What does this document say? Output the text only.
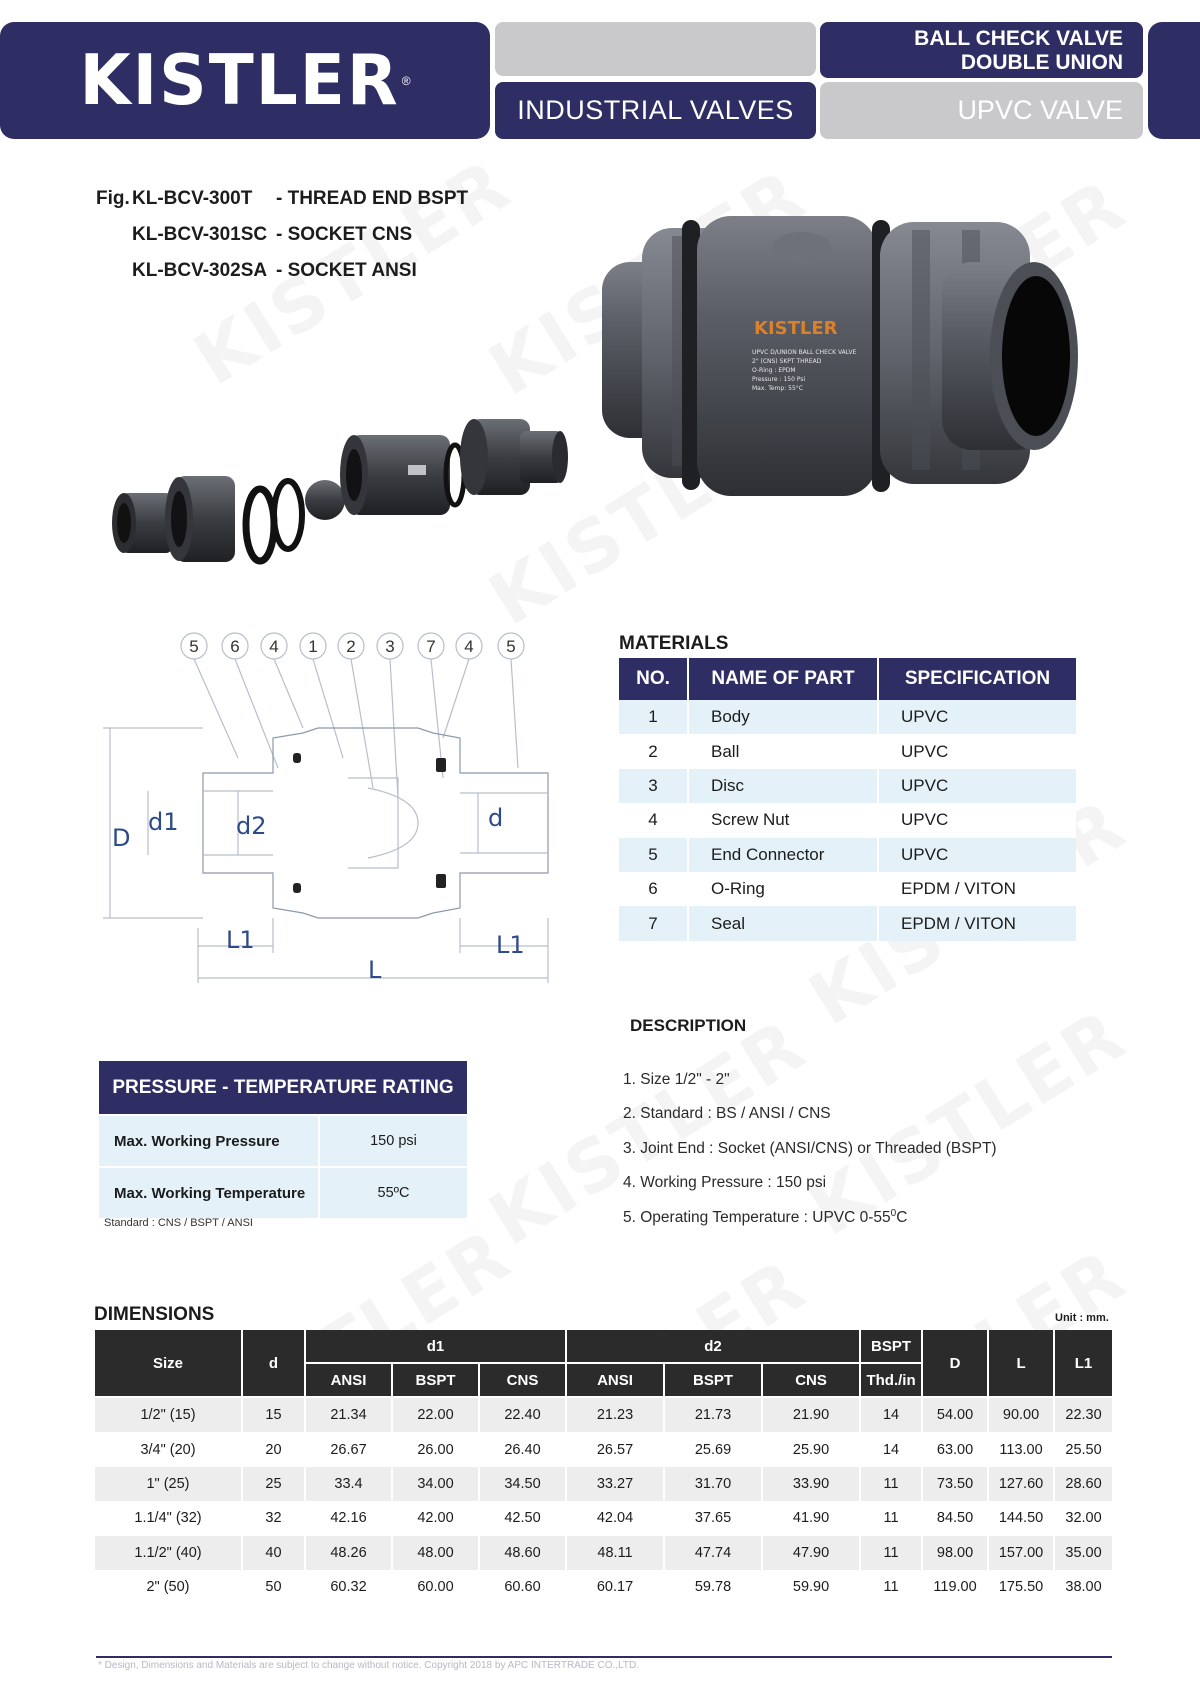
KISTLER ®
INDUSTRIAL VALVES
BALL CHECK VALVE
DOUBLE UNION
UPVC VALVE
Fig. KL-BCV-300T	- THREAD END BSPT
KL-BCV-301SC - SOCKET CNS
KL-BCV-302SA - SOCKET ANSI
KISTLER
UPVC D/UNION BALL CHECK VALVE
2" (CNS) SKPT THREAD
O-Ring : EPDM
Pressure : 150 Psi
Max. Temp: 55°C
5 6 4 1 2 3 7 4 5
D
d1 d2	d
L1	L1
L
MATERIALS
NO.	NAME OF PART	SPECIFICATION
1	Body	UPVC
2	Ball	UPVC
3	Disc	UPVC
4	Screw Nut	UPVC
5	End Connector	UPVC
6	O-Ring	EPDM / VITON
7	Seal	EPDM / VITON
DESCRIPTION
1. Size 1/2" - 2"
2. Standard : BS / ANSI / CNS
3. Joint End : Socket (ANSI/CNS) or Threaded (BSPT)
4. Working Pressure : 150 psi
5. Operating Temperature : UPVC $0-55^0C$
PRESSURE - TEMPERATURE RATING
Max. Working Pressure	150 psi
Max. Working Temperature	55ºC
Standard : CNS / BSPT / ANSI
DIMENSIONS	Unit : mm.
Size	d	d1			d2			BSPT	D	L	L1
		ANSI	BSPT	CNS	ANSI	BSPT	CNS	Thd./in			
1/2" (15)	15	21.34	22.00	22.40	21.23	21.73	21.90	14	54.00	90.00	22.30
3/4" (20)	20	26.67	26.00	26.40	26.57	25.69	25.90	14	63.00	113.00	25.50
1" (25)	25	33.4	34.00	34.50	33.27	31.70	33.90	11	73.50	127.60	28.60
1.1/4" (32)	32	42.16	42.00	42.50	42.04	37.65	41.90	11	84.50	144.50	32.00
1.1/2" (40)	40	48.26	48.00	48.60	48.11	47.74	47.90	11	98.00	157.00	35.00
2" (50)	50	60.32	60.00	60.60	60.17	59.78	59.90	11	119.00	175.50	38.00
* Design, Dimensions and Materials are subject to change without notice. Copyright 2018 by APC INTERTRADE CO.,LTD.
